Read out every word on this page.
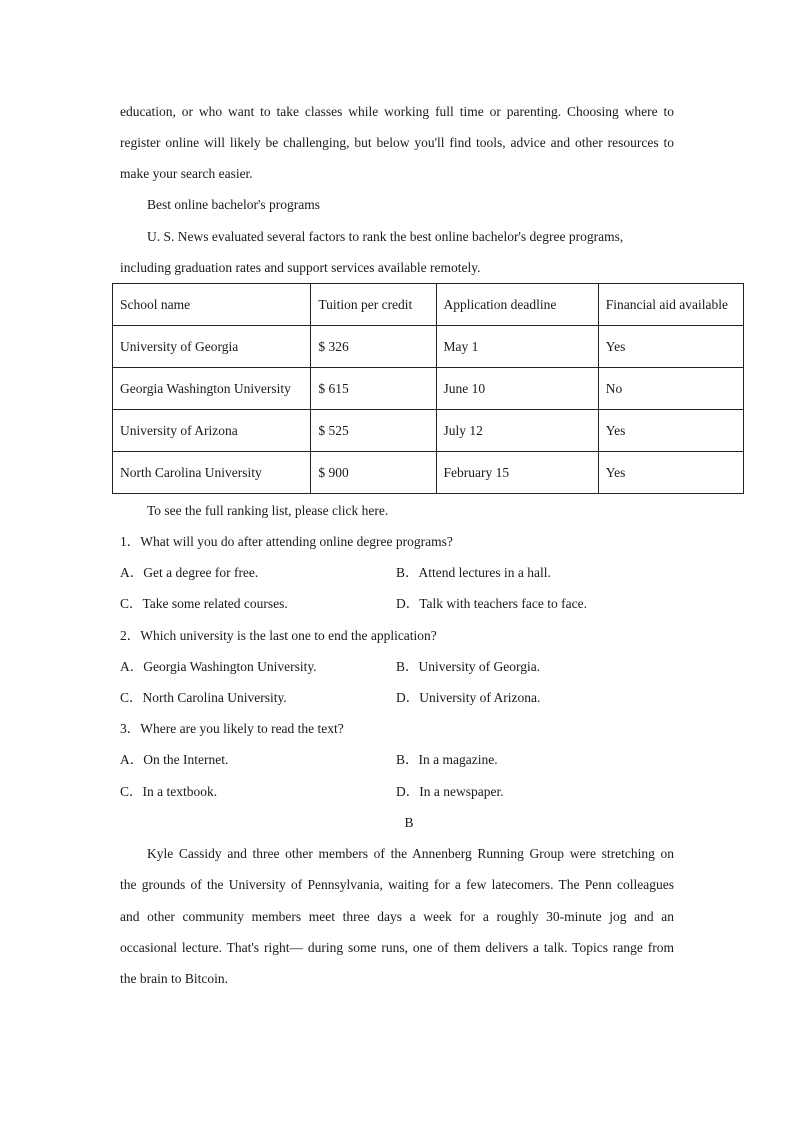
education, or who want to take classes while working full time or parenting. Choosing where to
register online will likely be challenging, but below you'll find tools, advice and other resources to
make your search easier.
Best online bachelor's programs
U. S. News evaluated several factors to rank the best online bachelor's degree programs,
including graduation rates and support services available remotely.
School name	Tuition per credit	Application deadline	Financial aid available
University of Georgia	$ 326	May 1	Yes
Georgia Washington University	$ 615	June 10	No
University of Arizona	$ 525	July 12	Yes
North Carolina University	$ 900	February 15	Yes
To see the full ranking list, please click here.
1．What will you do after attending online degree programs?
A．Get a degree for free.	B．Attend lectures in a hall.
C．Take some related courses.	D．Talk with teachers face to face.
2．Which university is the last one to end the application?
A．Georgia Washington University.	B．University of Georgia.
C．North Carolina University.	D．University of Arizona.
3．Where are you likely to read the text?
A．On the Internet.	B．In a magazine.
C．In a textbook.	D．In a newspaper.
B
Kyle Cassidy and three other members of the Annenberg Running Group were stretching on
the grounds of the University of Pennsylvania, waiting for a few latecomers. The Penn colleagues
and other community members meet three days a week for a roughly 30-minute jog and an
occasional lecture. That's right— during some runs, one of them delivers a talk. Topics range from
the brain to Bitcoin.
